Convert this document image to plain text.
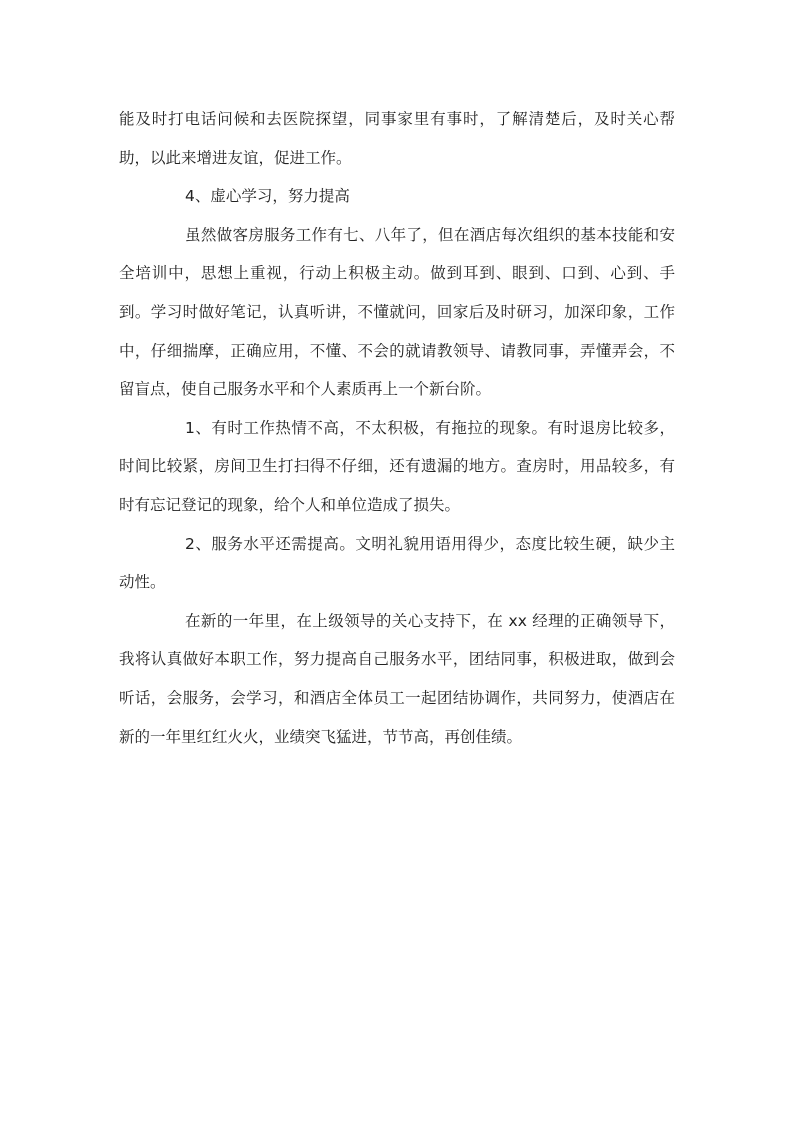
能及时打电话问候和去医院探望，同事家里有事时，了解清楚后，及时关心帮助，以此来增进友谊，促进工作。

4、虚心学习，努力提高

虽然做客房服务工作有七、八年了，但在酒店每次组织的基本技能和安全培训中，思想上重视，行动上积极主动。做到耳到、眼到、口到、心到、手到。学习时做好笔记，认真听讲，不懂就问，回家后及时研习，加深印象，工作中，仔细揣摩，正确应用，不懂、不会的就请教领导、请教同事，弄懂弄会，不留盲点，使自己服务水平和个人素质再上一个新台阶。

1、有时工作热情不高，不太积极，有拖拉的现象。有时退房比较多，时间比较紧，房间卫生打扫得不仔细，还有遗漏的地方。查房时，用品较多，有时有忘记登记的现象，给个人和单位造成了损失。

2、服务水平还需提高。文明礼貌用语用得少，态度比较生硬，缺少主动性。

在新的一年里，在上级领导的关心支持下，在 xx 经理的正确领导下，我将认真做好本职工作，努力提高自己服务水平，团结同事，积极进取，做到会听话，会服务，会学习，和酒店全体员工一起团结协调作，共同努力，使酒店在新的一年里红红火火，业绩突飞猛进，节节高，再创佳绩。
